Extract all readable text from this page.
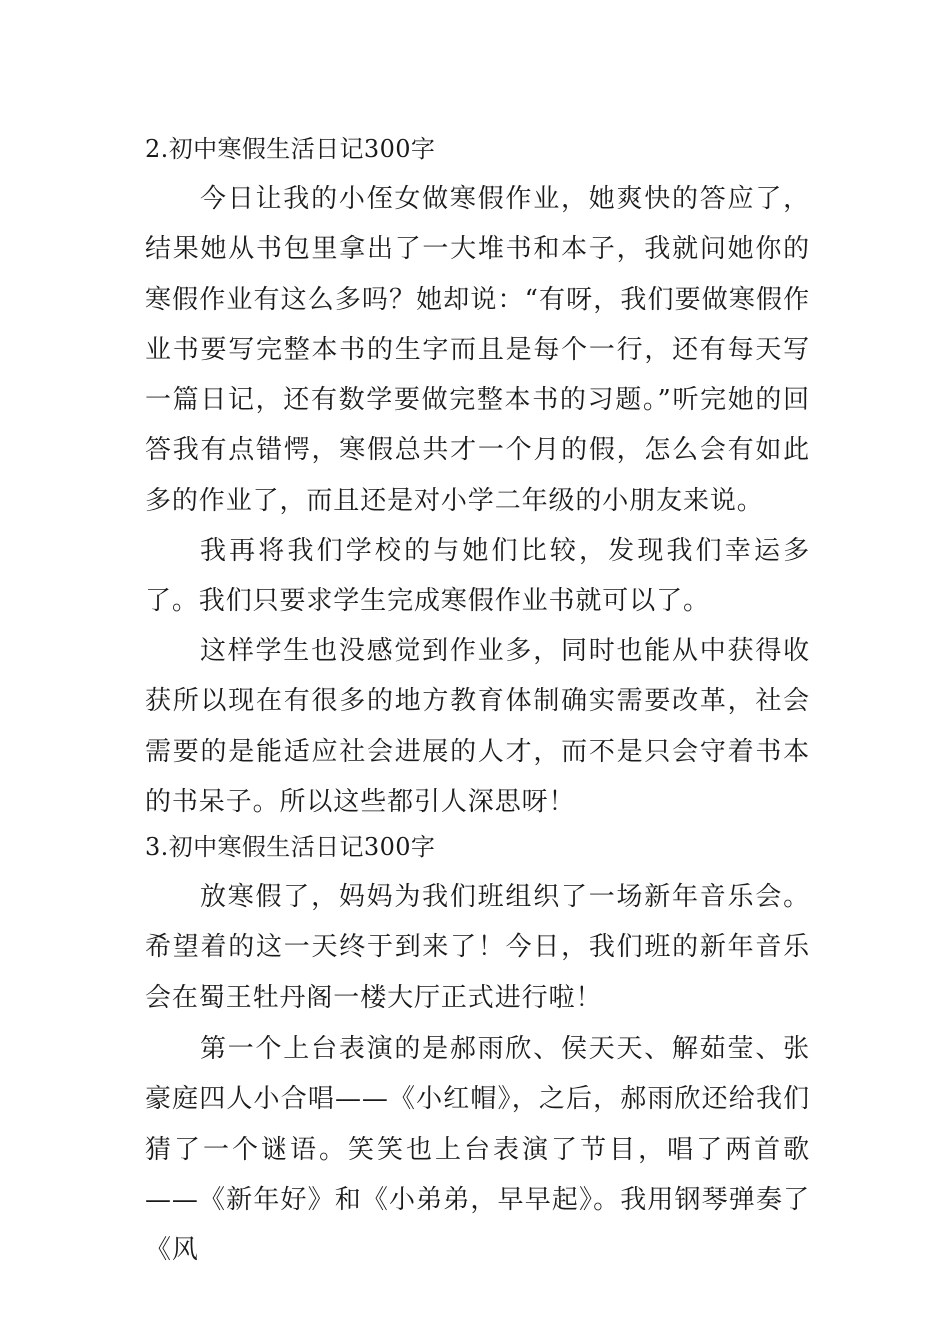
2.初中寒假生活日记300字

今日让我的小侄女做寒假作业，她爽快的答应了，结果她从书包里拿出了一大堆书和本子，我就问她你的寒假作业有这么多吗？她却说：“有呀，我们要做寒假作业书要写完整本书的生字而且是每个一行，还有每天写一篇日记，还有数学要做完整本书的习题。”听完她的回答我有点错愕，寒假总共才一个月的假，怎么会有如此多的作业了，而且还是对小学二年级的小朋友来说。

我再将我们学校的与她们比较，发现我们幸运多了。我们只要求学生完成寒假作业书就可以了。

这样学生也没感觉到作业多，同时也能从中获得收获所以现在有很多的地方教育体制确实需要改革，社会需要的是能适应社会进展的人才，而不是只会守着书本的书呆子。所以这些都引人深思呀！

3.初中寒假生活日记300字

放寒假了，妈妈为我们班组织了一场新年音乐会。希望着的这一天终于到来了！今日，我们班的新年音乐会在蜀王牡丹阁一楼大厅正式进行啦！

第一个上台表演的是郝雨欣、侯天天、解茹莹、张豪庭四人小合唱——《小红帽》，之后，郝雨欣还给我们猜了一个谜语。笑笑也上台表演了节目，唱了两首歌——《新年好》和《小弟弟，早早起》。我用钢琴弹奏了《风
